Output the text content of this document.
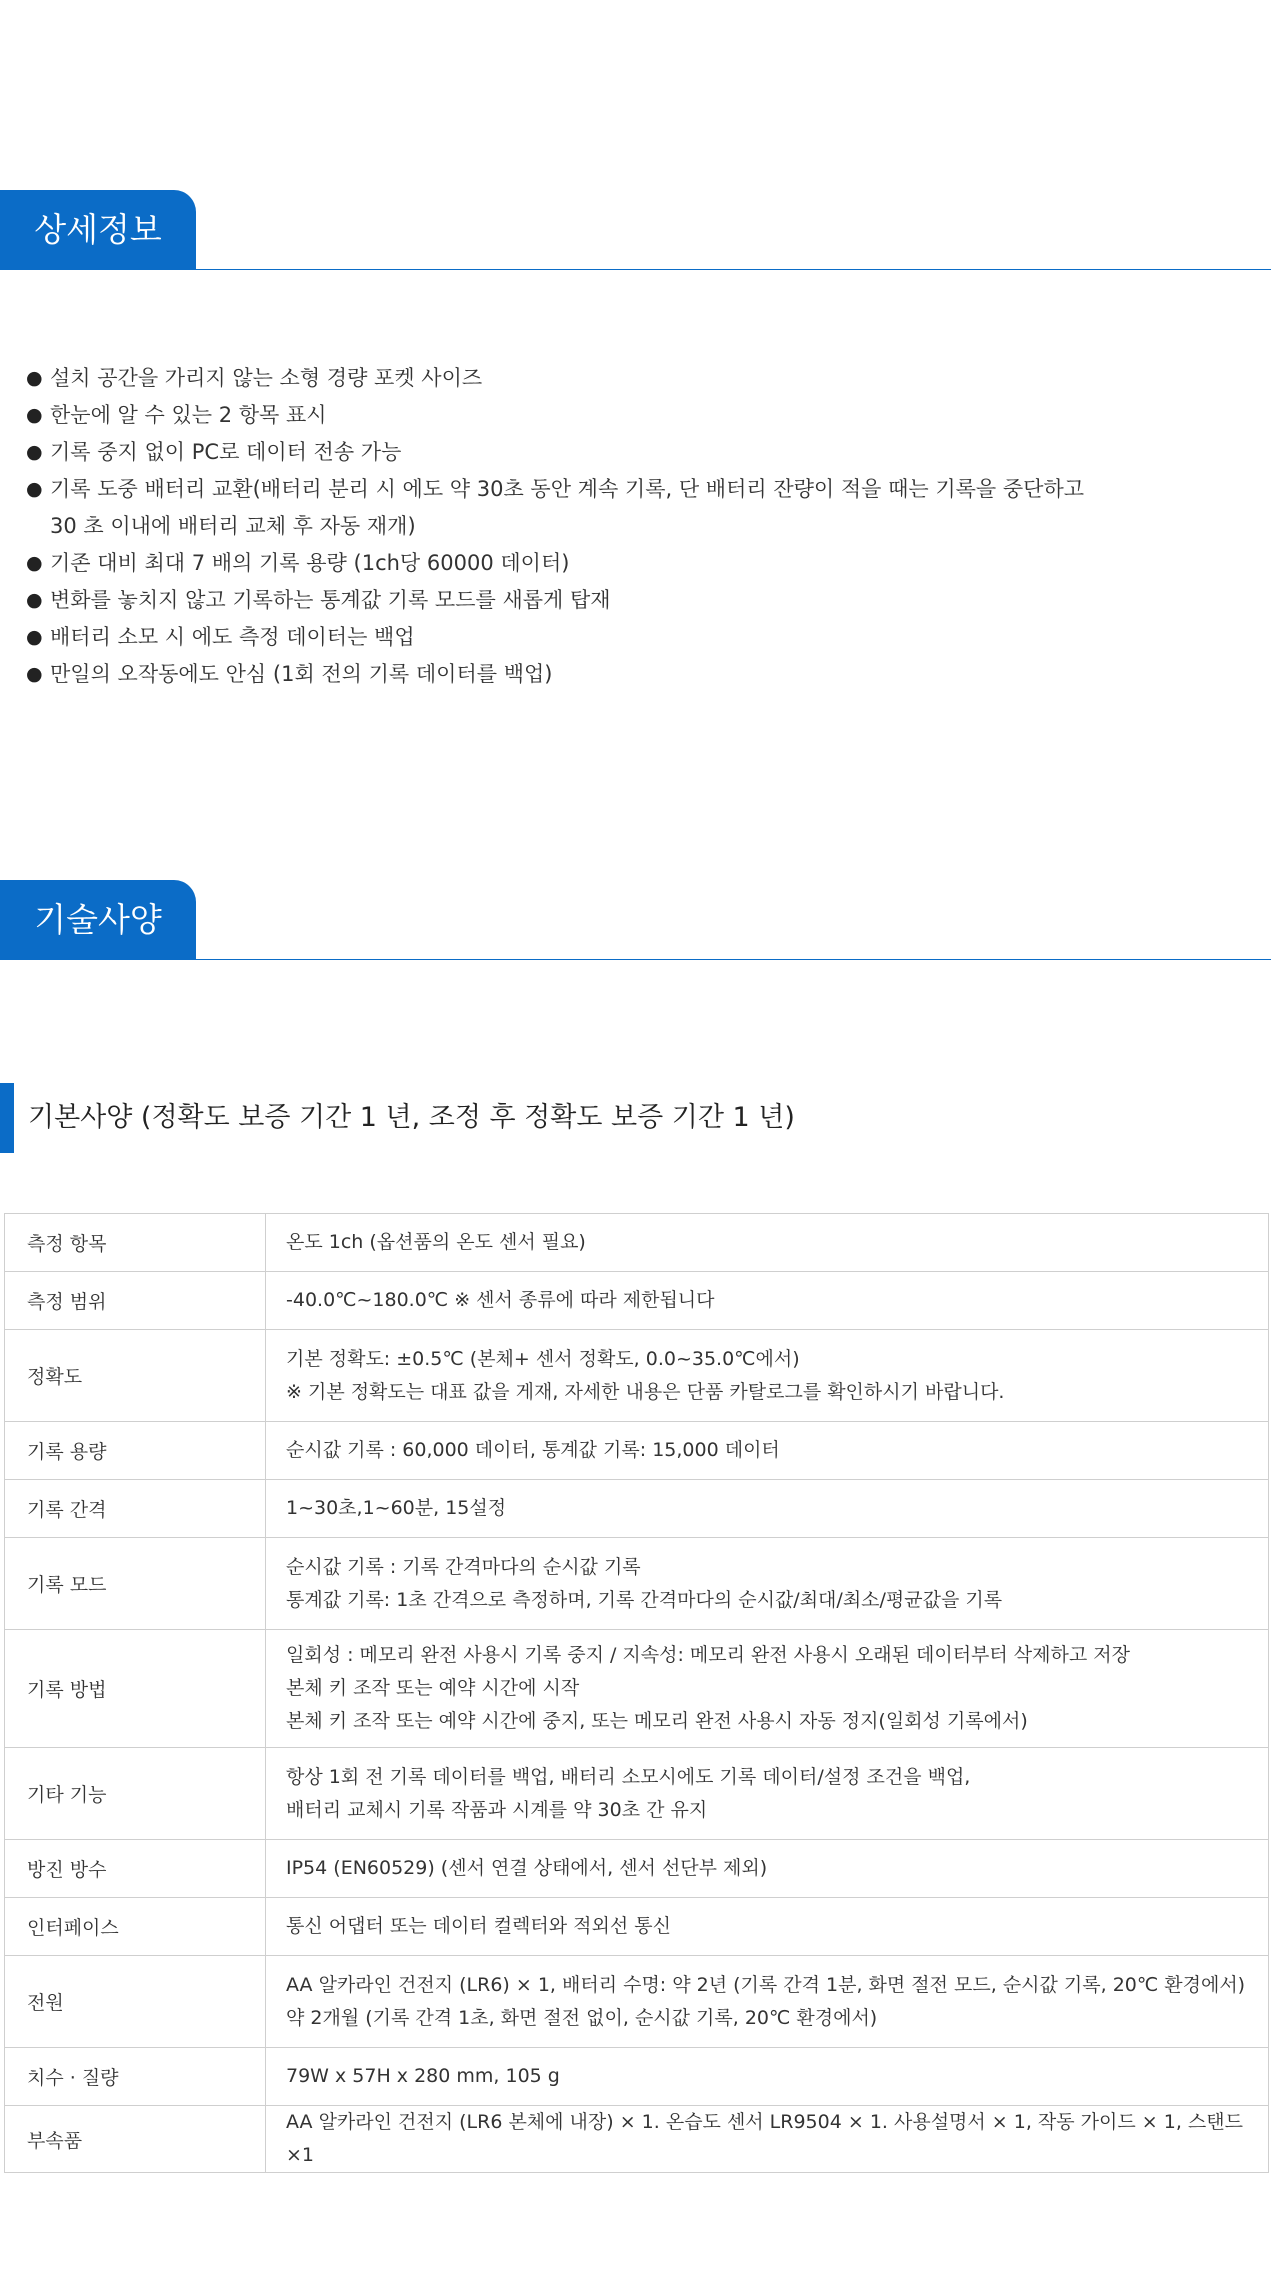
상세정보
● 설치 공간을 가리지 않는 소형 경량 포켓 사이즈
● 한눈에 알 수 있는 2 항목 표시
● 기록 중지 없이 PC로 데이터 전송 가능
● 기록 도중 배터리 교환(배터리 분리 시 에도 약 30초 동안 계속 기록, 단 배터리 잔량이 적을 때는 기록을 중단하고
30 초 이내에 배터리 교체 후 자동 재개)
● 기존 대비 최대 7 배의 기록 용량 (1ch당 60000 데이터)
● 변화를 놓치지 않고 기록하는 통계값 기록 모드를 새롭게 탑재
● 배터리 소모 시 에도 측정 데이터는 백업
● 만일의 오작동에도 안심 (1회 전의 기록 데이터를 백업)
기술사양
기본사양 (정확도 보증 기간 1 년, 조정 후 정확도 보증 기간 1 년)
측정 항목	온도 1ch (옵션품의 온도 센서 필요)

측정 범위	-40.0℃~180.0℃ ※ 센서 종류에 따라 제한됩니다

정확도	기본 정확도: ±0.5℃ (본체+ 센서 정확도, 0.0~35.0℃에서)
※ 기본 정확도는 대표 값을 게재, 자세한 내용은 단품 카탈로그를 확인하시기 바랍니다.

기록 용량	순시값 기록 : 60,000 데이터, 통계값 기록: 15,000 데이터

기록 간격	1~30초,1~60분, 15설정

기록 모드	순시값 기록 : 기록 간격마다의 순시값 기록
통계값 기록: 1초 간격으로 측정하며, 기록 간격마다의 순시값/최대/최소/평균값을 기록

기록 방법	일회성 : 메모리 완전 사용시 기록 중지 / 지속성: 메모리 완전 사용시 오래된 데이터부터 삭제하고 저장
본체 키 조작 또는 예약 시간에 시작
본체 키 조작 또는 예약 시간에 중지, 또는 메모리 완전 사용시 자동 정지(일회성 기록에서)

기타 기능	항상 1회 전 기록 데이터를 백업, 배터리 소모시에도 기록 데이터/설정 조건을 백업,
배터리 교체시 기록 작품과 시계를 약 30초 간 유지

방진 방수	IP54 (EN60529) (센서 연결 상태에서, 센서 선단부 제외)

인터페이스	통신 어댑터 또는 데이터 컬렉터와 적외선 통신

전원	AA 알카라인 건전지 (LR6) × 1, 배터리 수명: 약 2년 (기록 간격 1분, 화면 절전 모드, 순시값 기록, 20℃ 환경에서)
약 2개월 (기록 간격 1초, 화면 절전 없이, 순시값 기록, 20℃ 환경에서)

치수 · 질량	79W x 57H x 280 mm, 105 g

부속품	AA 알카라인 건전지 (LR6 본체에 내장) × 1. 온습도 센서 LR9504 × 1. 사용설명서 × 1, 작동 가이드 × 1, 스탠드 ×1
